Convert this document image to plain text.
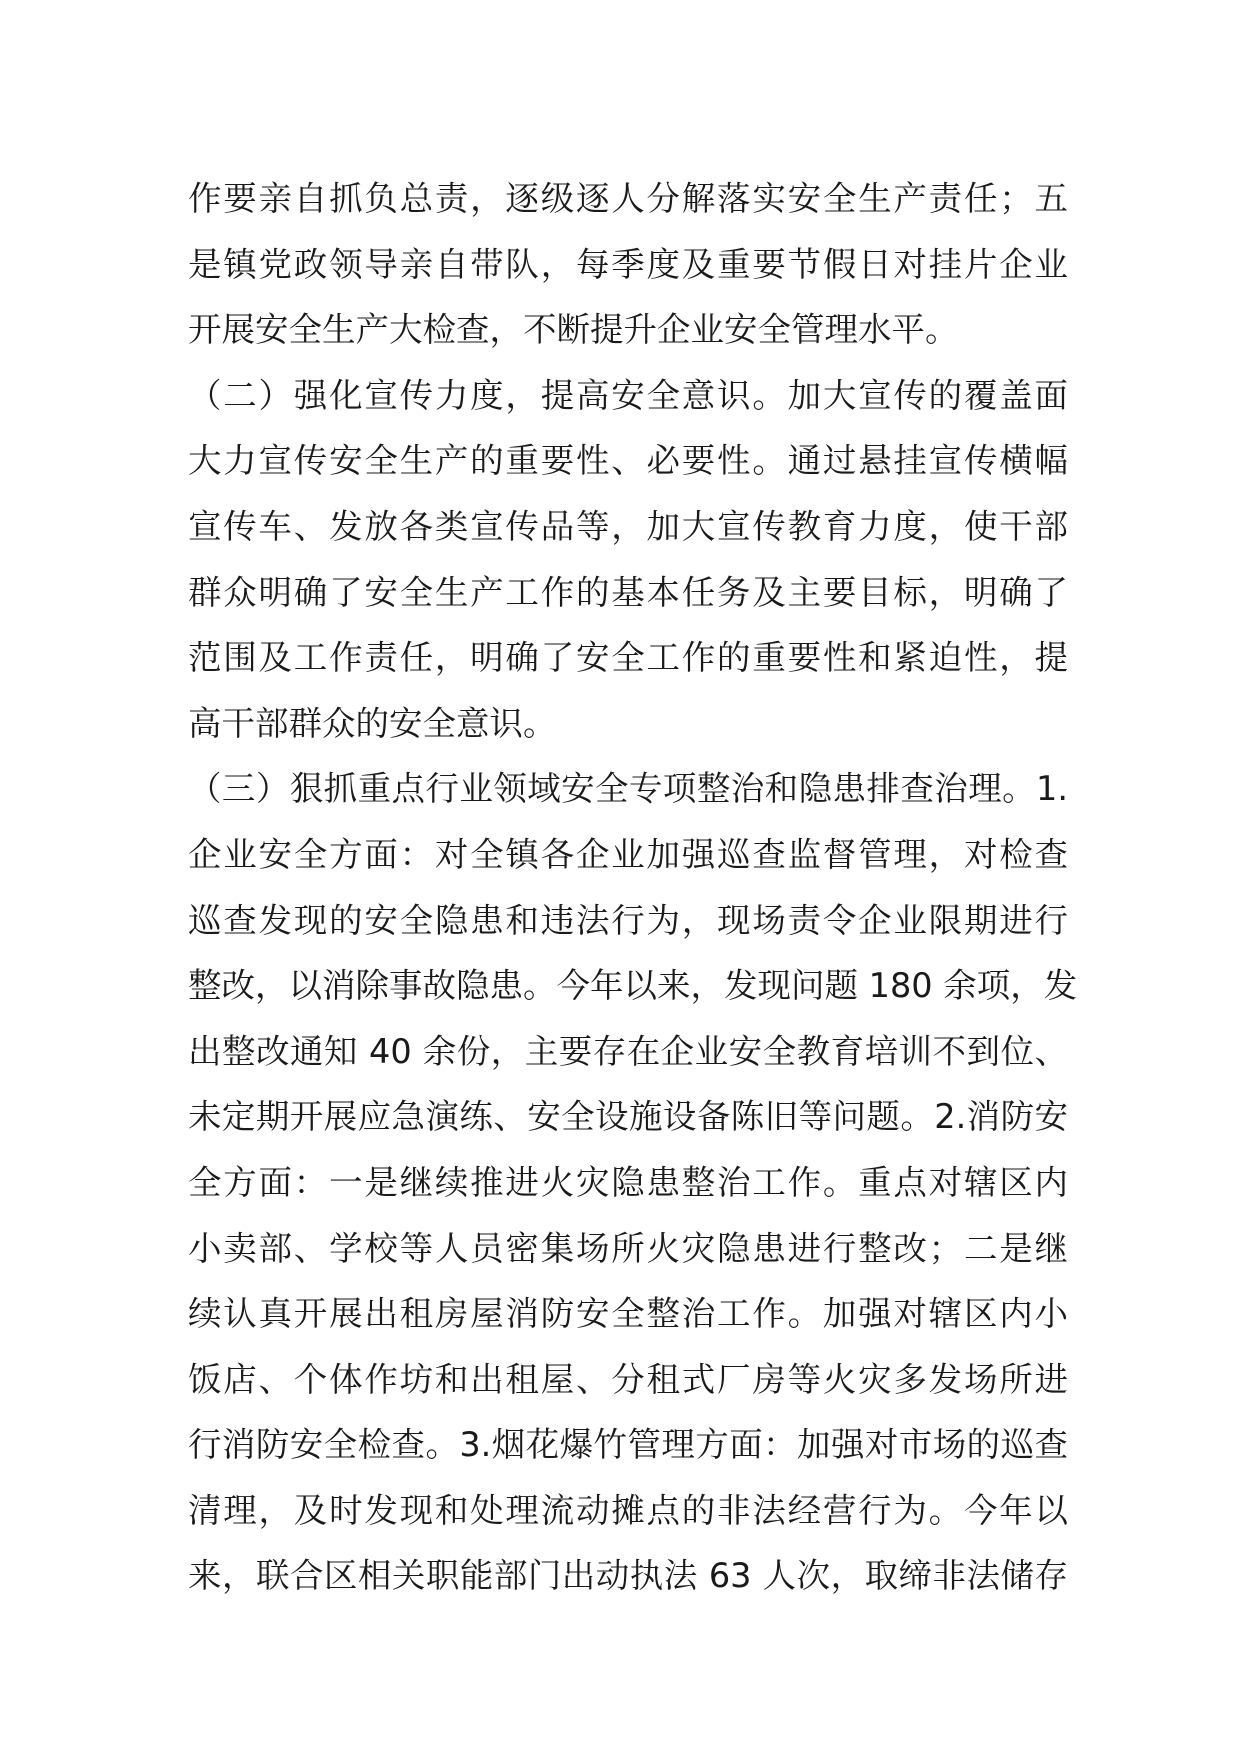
作要亲自抓负总责，逐级逐人分解落实安全生产责任；五
是镇党政领导亲自带队，每季度及重要节假日对挂片企业
开展安全生产大检查，不断提升企业安全管理水平。
（二）强化宣传力度，提高安全意识。加大宣传的覆盖面
大力宣传安全生产的重要性、必要性。通过悬挂宣传横幅
宣传车、发放各类宣传品等，加大宣传教育力度，使干部
群众明确了安全生产工作的基本任务及主要目标，明确了
范围及工作责任，明确了安全工作的重要性和紧迫性，提
高干部群众的安全意识。
（三）狠抓重点行业领域安全专项整治和隐患排查治理。1.
企业安全方面：对全镇各企业加强巡查监督管理，对检查
巡查发现的安全隐患和违法行为，现场责令企业限期进行
整改，以消除事故隐患。今年以来，发现问题 180 余项，发
出整改通知 40 余份，主要存在企业安全教育培训不到位、
未定期开展应急演练、安全设施设备陈旧等问题。2.消防安
全方面：一是继续推进火灾隐患整治工作。重点对辖区内
小卖部、学校等人员密集场所火灾隐患进行整改；二是继
续认真开展出租房屋消防安全整治工作。加强对辖区内小
饭店、个体作坊和出租屋、分租式厂房等火灾多发场所进
行消防安全检查。3.烟花爆竹管理方面：加强对市场的巡查
清理，及时发现和处理流动摊点的非法经营行为。今年以
来，联合区相关职能部门出动执法 63 人次，取缔非法储存
